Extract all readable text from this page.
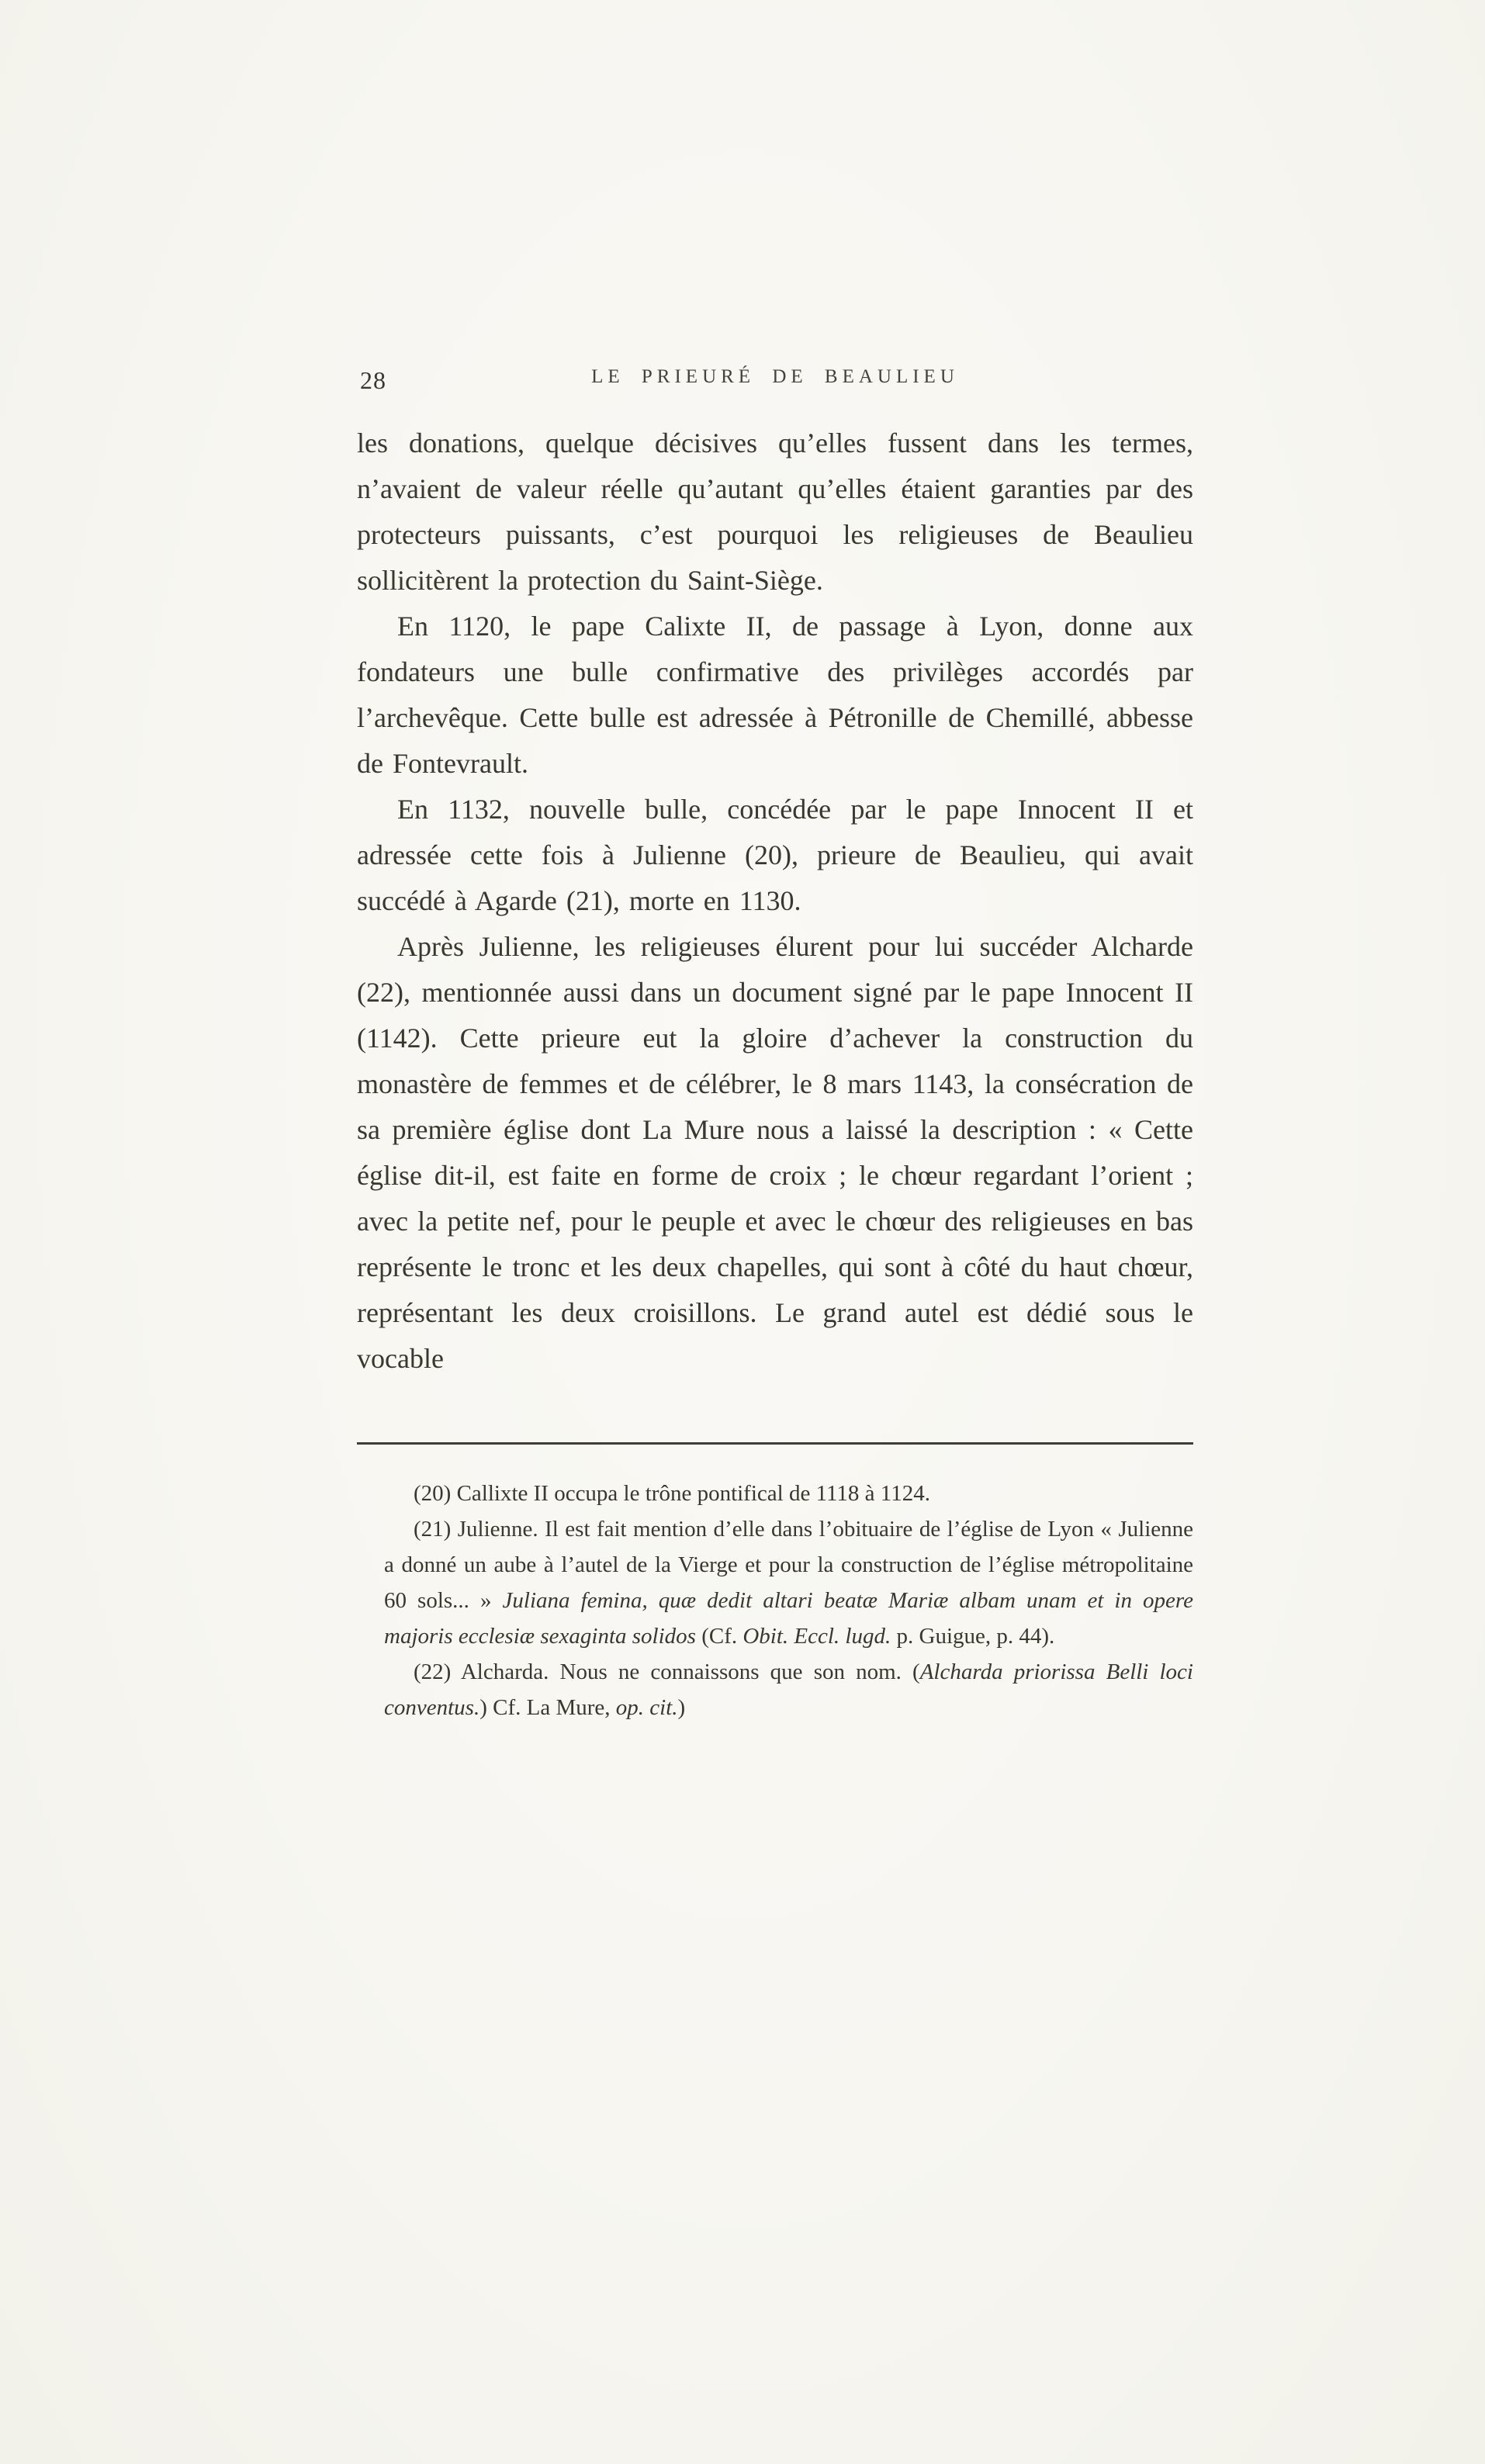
28	LE PRIEURÉ DE BEAULIEU

les donations, quelque décisives qu’elles fussent dans les termes, n’avaient de valeur réelle qu’autant qu’elles étaient garanties par des protecteurs puissants, c’est pourquoi les religieuses de Beaulieu sollicitèrent la protection du Saint-Siège.

En 1120, le pape Calixte II, de passage à Lyon, donne aux fondateurs une bulle confirmative des privilèges accordés par l’archevêque. Cette bulle est adressée à Pétronille de Chemillé, abbesse de Fontevrault.

En 1132, nouvelle bulle, concédée par le pape Innocent II et adressée cette fois à Julienne (20), prieure de Beaulieu, qui avait succédé à Agarde (21), morte en 1130.

Après Julienne, les religieuses élurent pour lui succéder Alcharde (22), mentionnée aussi dans un document signé par le pape Innocent II (1142). Cette prieure eut la gloire d’achever la construction du monastère de femmes et de célébrer, le 8 mars 1143, la consécration de sa première église dont La Mure nous a laissé la description : « Cette église dit-il, est faite en forme de croix ; le chœur regardant l’orient ; avec la petite nef, pour le peuple et avec le chœur des religieuses en bas représente le tronc et les deux chapelles, qui sont à côté du haut chœur, représentant les deux croisillons. Le grand autel est dédié sous le vocable

(20) Callixte II occupa le trône pontifical de 1118 à 1124.

(21) Julienne. Il est fait mention d’elle dans l’obituaire de l’église de Lyon « Julienne a donné un aube à l’autel de la Vierge et pour la construction de l’église métropolitaine 60 sols... » Juliana femina, quæ dedit altari beatæ Mariæ albam unam et in opere majoris ecclesiæ sexaginta solidos (Cf. Obit. Eccl. lugd. p. Guigue, p. 44).

(22) Alcharda. Nous ne connaissons que son nom. (Alcharda priorissa Belli loci conventus.) Cf. La Mure, op. cit.)
